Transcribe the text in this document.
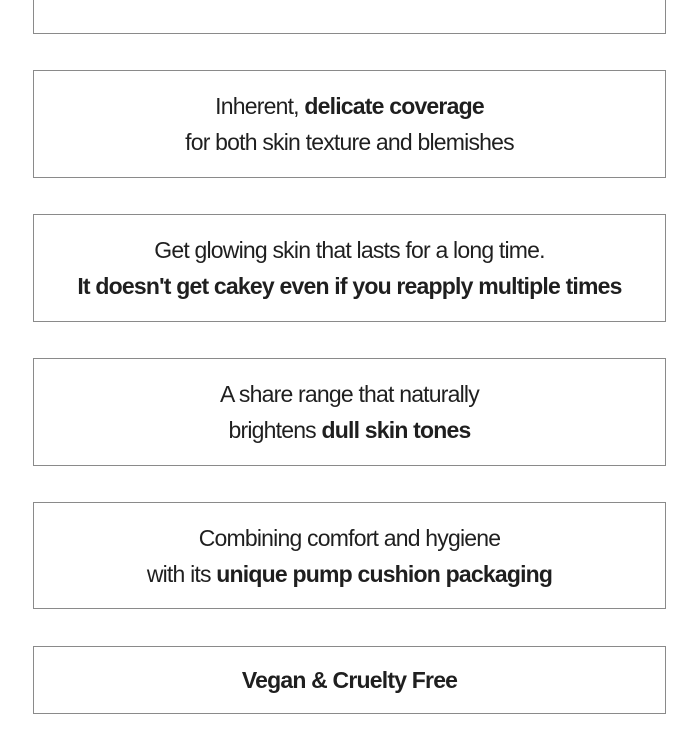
Inherent, delicate coverage
for both skin texture and blemishes
Get glowing skin that lasts for a long time.
It doesn't get cakey even if you reapply multiple times
A share range that naturally
brightens dull skin tones
Combining comfort and hygiene
with its unique pump cushion packaging
Vegan & Cruelty Free
